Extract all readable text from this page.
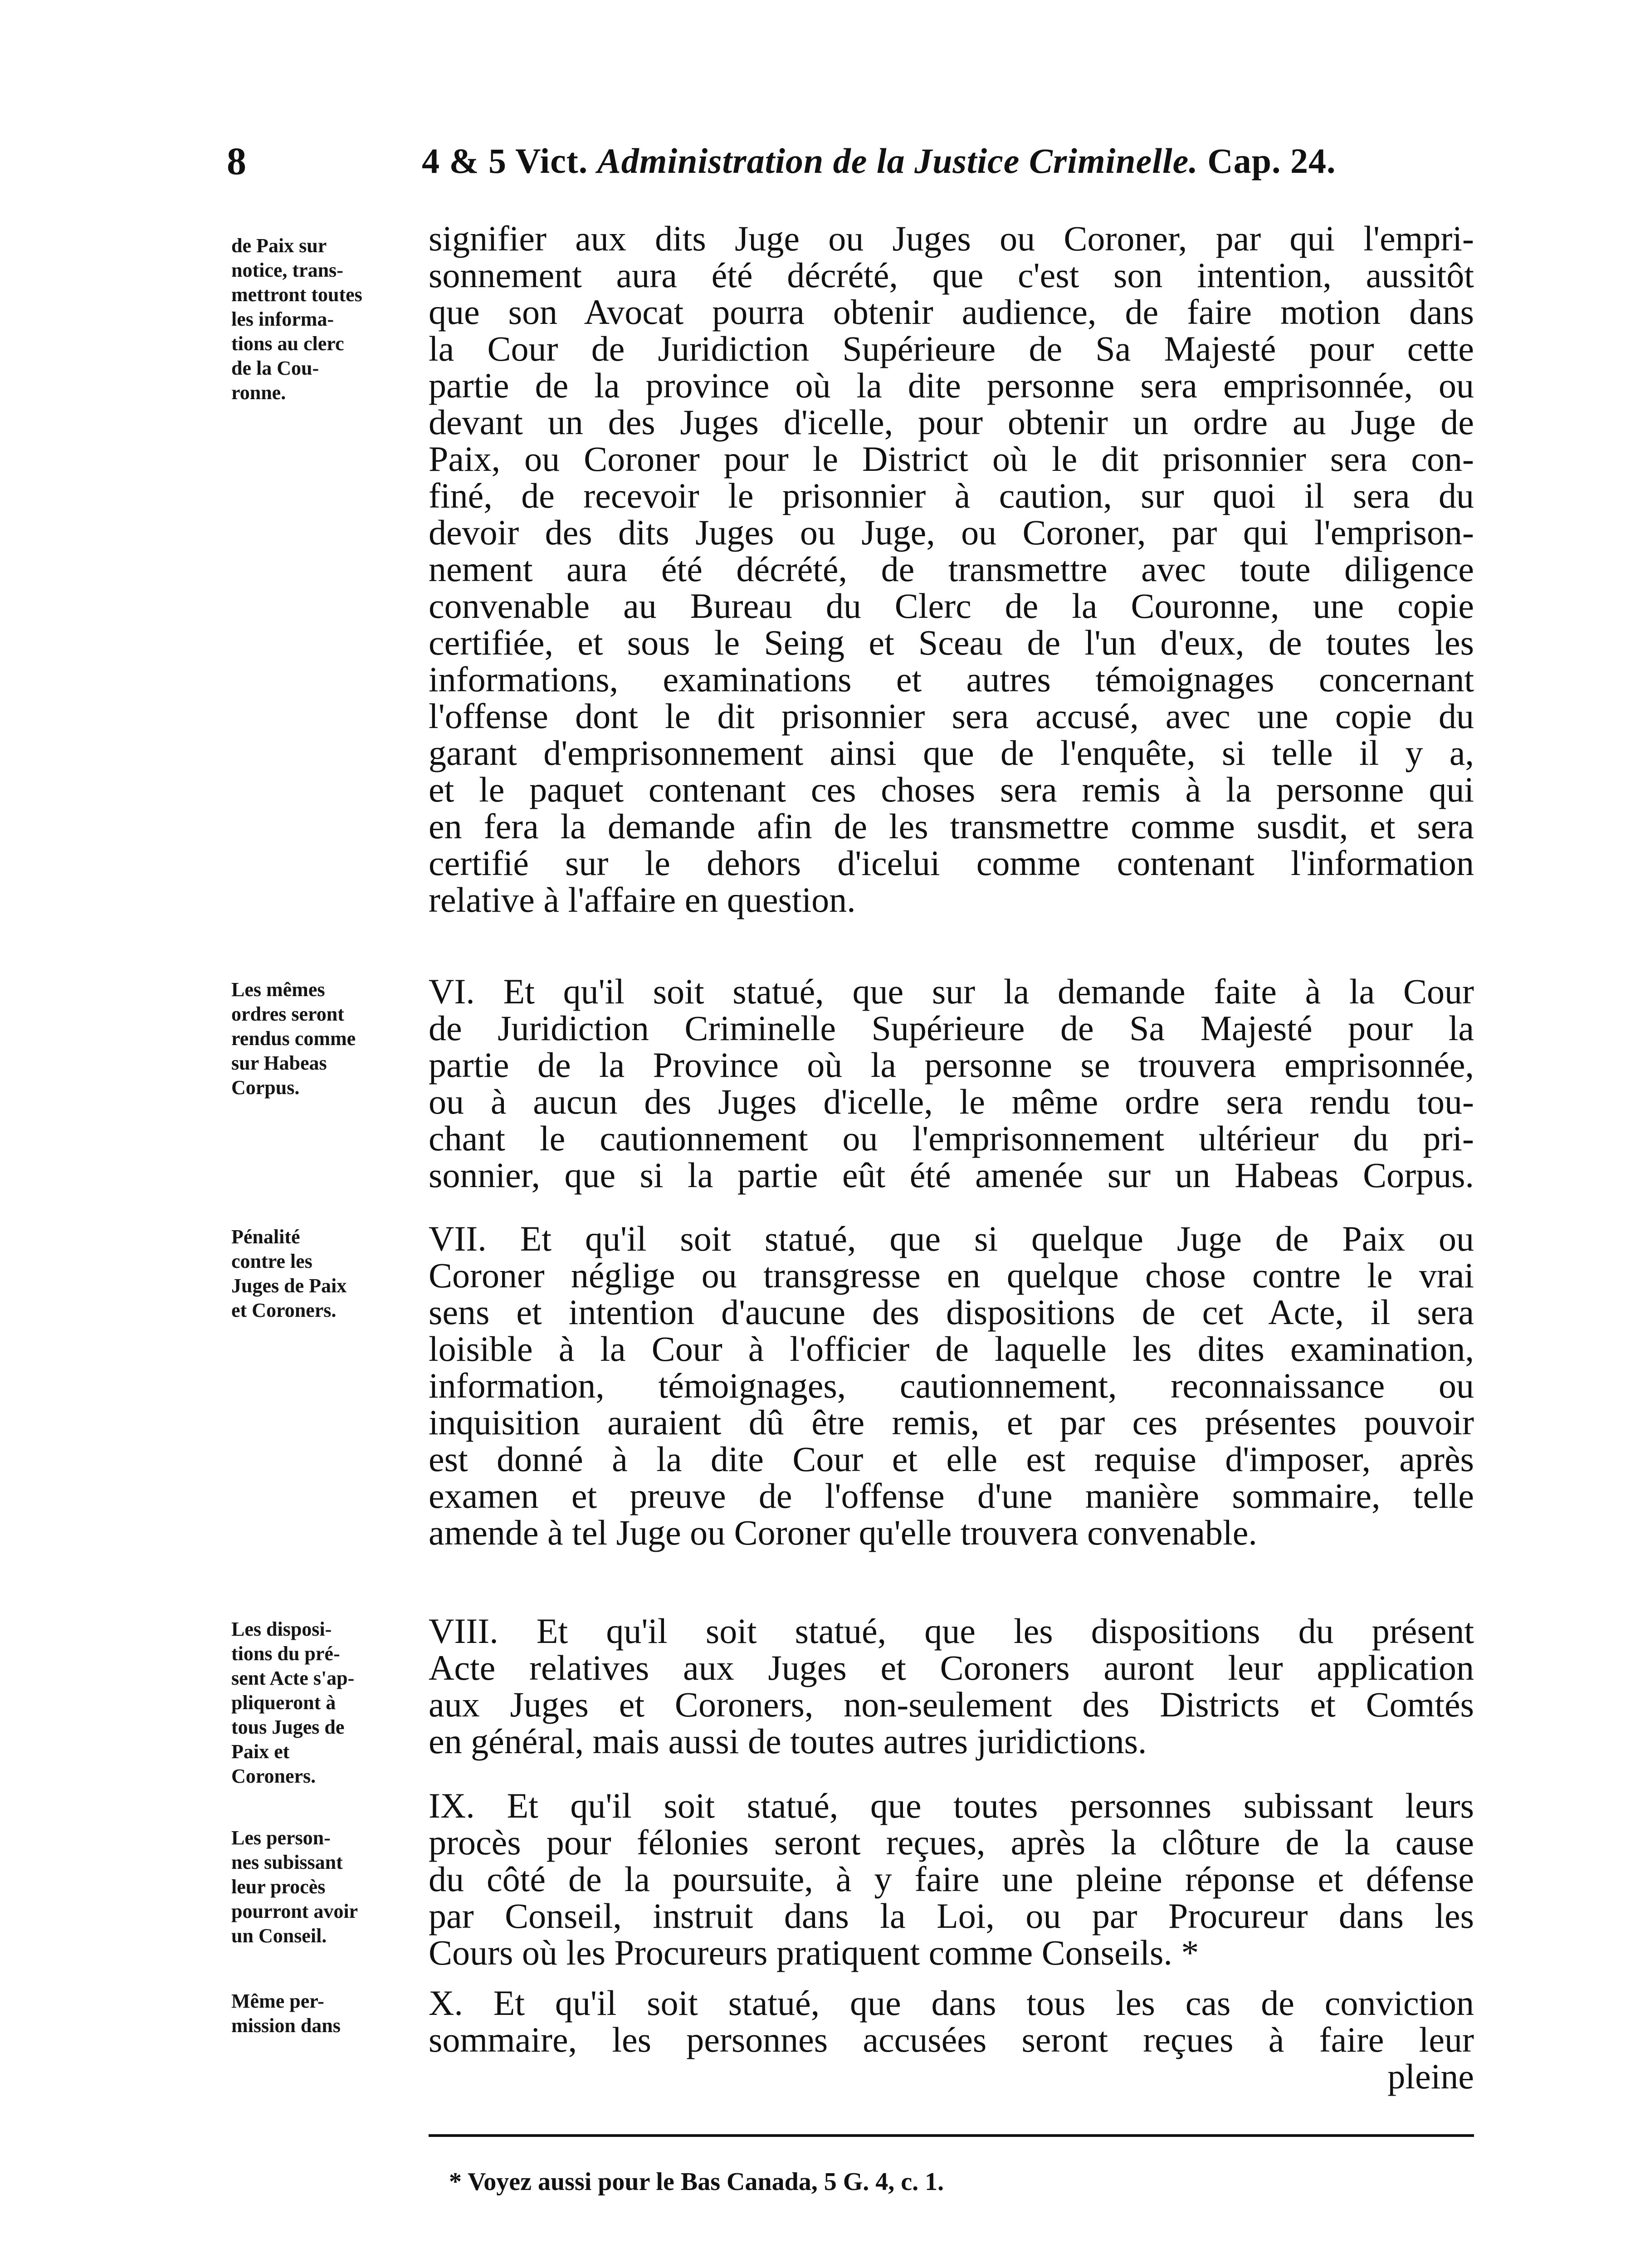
8	4 & 5 Vict. Administration de la Justice Criminelle. Cap. 24.
de Paix sur
notice, trans-
mettront toutes
les informa-
tions au clerc
de la Cou-
ronne.
Les mêmes
ordres seront
rendus comme
sur Habeas
Corpus.
Pénalité
contre les
Juges de Paix
et Coroners.
Les disposi-
tions du pré-
sent Acte s'ap-
pliqueront à
tous Juges de
Paix et
Coroners.
Les person-
nes subissant
leur procès
pourront avoir
un Conseil.
Même per-
mission dans
signifier aux dits Juge ou Juges ou Coroner, par qui l'empri-
sonnement aura été décrété, que c'est son intention, aussitôt
que son Avocat pourra obtenir audience, de faire motion dans
la Cour de Juridiction Supérieure de Sa Majesté pour cette
partie de la province où la dite personne sera emprisonnée, ou
devant un des Juges d'icelle, pour obtenir un ordre au Juge de
Paix, ou Coroner pour le District où le dit prisonnier sera con-
finé, de recevoir le prisonnier à caution, sur quoi il sera du
devoir des dits Juges ou Juge, ou Coroner, par qui l'emprison-
nement aura été décrété, de transmettre avec toute diligence
convenable au Bureau du Clerc de la Couronne, une copie
certifiée, et sous le Seing et Sceau de l'un d'eux, de toutes les
informations, examinations et autres témoignages concernant
l'offense dont le dit prisonnier sera accusé, avec une copie du
garant d'emprisonnement ainsi que de l'enquête, si telle il y a,
et le paquet contenant ces choses sera remis à la personne qui
en fera la demande afin de les transmettre comme susdit, et sera
certifié sur le dehors d'icelui comme contenant l'information
relative à l'affaire en question.
VI. Et qu'il soit statué, que sur la demande faite à la Cour
de Juridiction Criminelle Supérieure de Sa Majesté pour la
partie de la Province où la personne se trouvera emprisonnée,
ou à aucun des Juges d'icelle, le même ordre sera rendu tou-
chant le cautionnement ou l'emprisonnement ultérieur du pri-
sonnier, que si la partie eût été amenée sur un Habeas Corpus.
VII. Et qu'il soit statué, que si quelque Juge de Paix ou
Coroner néglige ou transgresse en quelque chose contre le vrai
sens et intention d'aucune des dispositions de cet Acte, il sera
loisible à la Cour à l'officier de laquelle les dites examination,
information, témoignages, cautionnement, reconnaissance ou
inquisition auraient dû être remis, et par ces présentes pouvoir
est donné à la dite Cour et elle est requise d'imposer, après
examen et preuve de l'offense d'une manière sommaire, telle
amende à tel Juge ou Coroner qu'elle trouvera convenable.
VIII. Et qu'il soit statué, que les dispositions du présent
Acte relatives aux Juges et Coroners auront leur application
aux Juges et Coroners, non-seulement des Districts et Comtés
en général, mais aussi de toutes autres juridictions.
IX. Et qu'il soit statué, que toutes personnes subissant leurs
procès pour félonies seront reçues, après la clôture de la cause
du côté de la poursuite, à y faire une pleine réponse et défense
par Conseil, instruit dans la Loi, ou par Procureur dans les
Cours où les Procureurs pratiquent comme Conseils. *
X. Et qu'il soit statué, que dans tous les cas de conviction
sommaire, les personnes accusées seront reçues à faire leur
pleine
* Voyez aussi pour le Bas Canada, 5 G. 4, c. 1.
